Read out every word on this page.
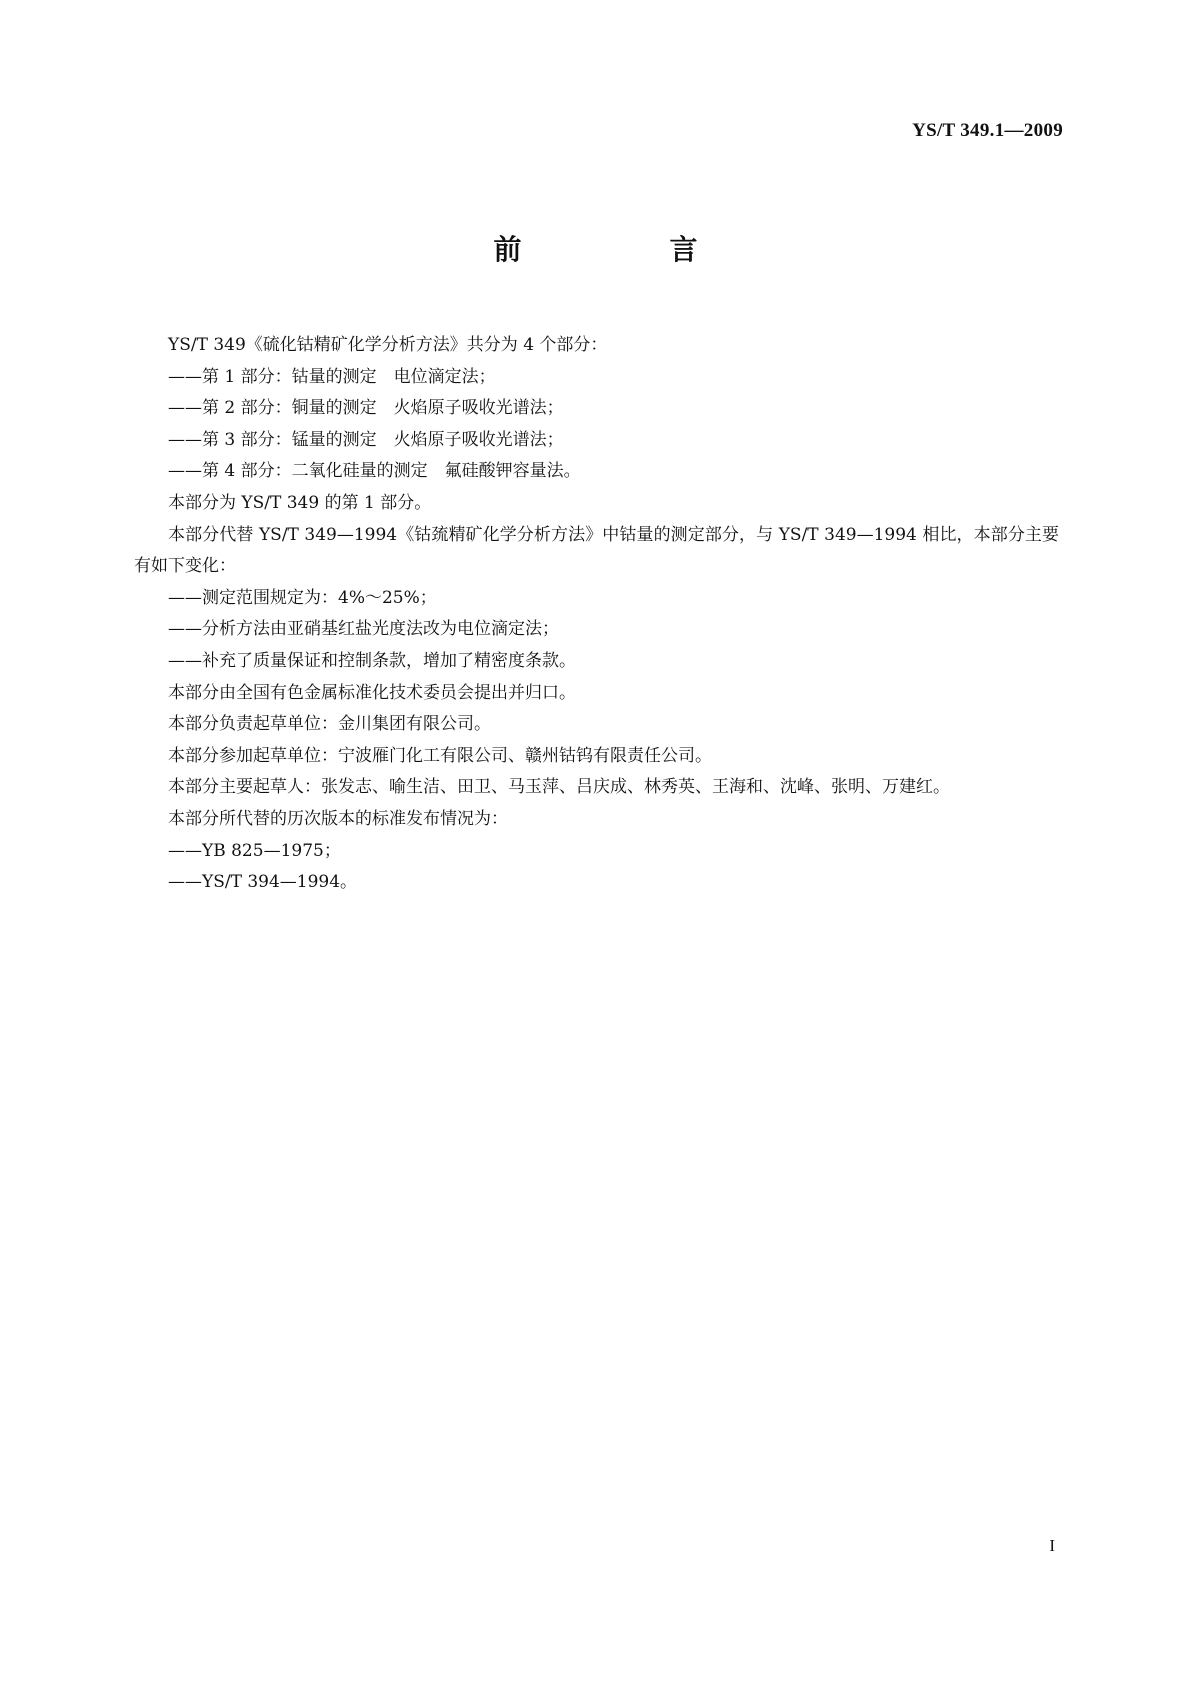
YS/T 349.1—2009
前　言

YS/T 349《硫化钴精矿化学分析方法》共分为 4 个部分：

——第 1 部分：钴量的测定　电位滴定法；

——第 2 部分：铜量的测定　火焰原子吸收光谱法；

——第 3 部分：锰量的测定　火焰原子吸收光谱法；

——第 4 部分：二氧化硅量的测定　氟硅酸钾容量法。

本部分为 YS/T 349 的第 1 部分。

本部分代替 YS/T 349—1994《钴巯精矿化学分析方法》中钴量的测定部分，与 YS/T 349—1994 相比，本部分主要有如下变化：

——测定范围规定为：4%～25%；

——分析方法由亚硝基红盐光度法改为电位滴定法；

——补充了质量保证和控制条款，增加了精密度条款。

本部分由全国有色金属标准化技术委员会提出并归口。

本部分负责起草单位：金川集团有限公司。

本部分参加起草单位：宁波雁门化工有限公司、赣州钴钨有限责任公司。

本部分主要起草人：张发志、喻生洁、田卫、马玉萍、吕庆成、林秀英、王海和、沈峰、张明、万建红。

本部分所代替的历次版本的标准发布情况为：

——YB 825—1975；

——YS/T 394—1994。

I
